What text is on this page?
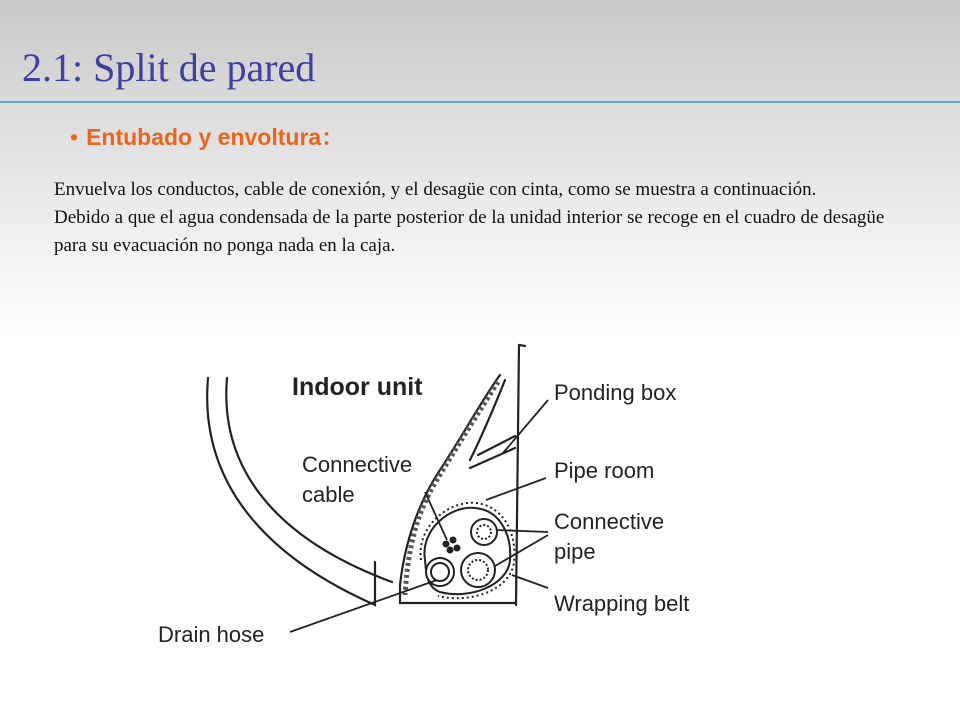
2.1: Split de pared
• Entubado y envoltura：

Envuelva los conductos, cable de conexión, y el desagüe con cinta, como se muestra a continuación.

Debido a que el agua condensada de la parte posterior de la unidad interior se recoge en el cuadro de desagüe para su evacuación no ponga nada en la caja.

Indoor unit
Connective
cable
Ponding box
Pipe room
Connective
pipe
Wrapping belt
Drain hose
